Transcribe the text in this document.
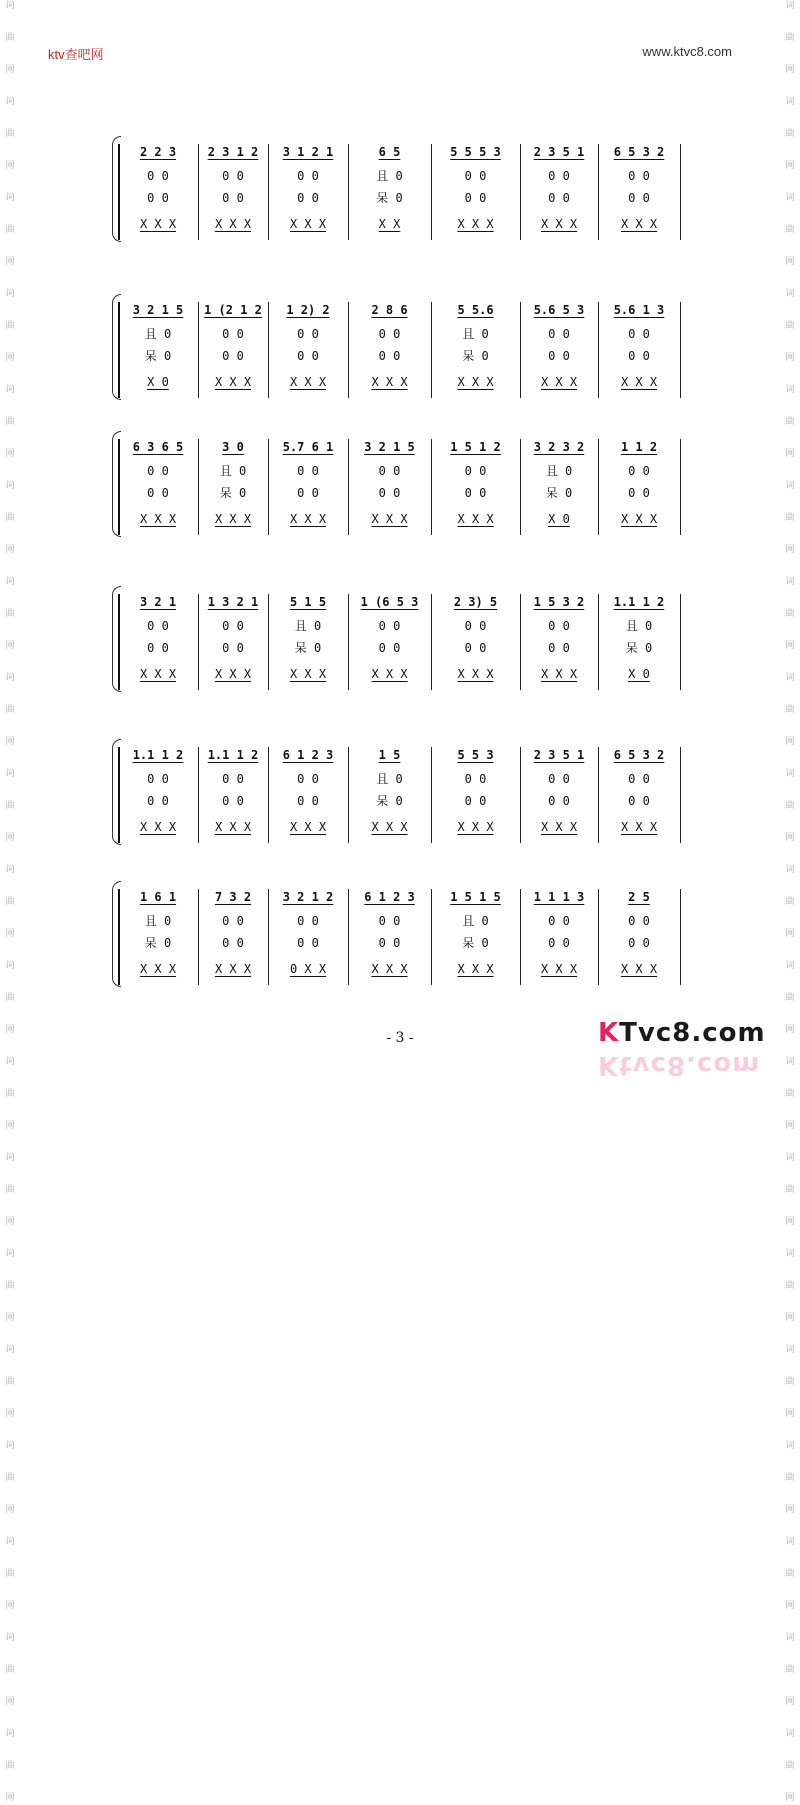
词
曲
网
词
曲
网
词
曲
网
词
曲
网
词
曲
网
词
曲
网
词
曲
网
词
曲
网
词
曲
网
词
曲
网
词
曲
网
词
曲
网
词
曲
网
词
曲
网
词
曲
网
词
曲
网
词
曲
网
词
曲
网
词
曲
网
词
曲
网
词
曲
网
词
曲
网
词
曲
网
词
曲
网
词
曲
网
词
曲
网
词
曲
网
词
曲
网
词
曲
网
词
曲
网
词
曲
网
词
曲
网
词
曲
网
词
曲
网
词
曲
网
词
曲
网
词
曲
网
词
曲
网
ktv查吧网	www.ktvc8.com
2 2 3
0 0
0 0
X X X
2 3 1 2
0 0
0 0
X X X
3 1 2 1
0 0
0 0
X X X
6 5
且 0
呆 0
X X
5 5 5 3
0 0
0 0
X X X
2 3 5 1
0 0
0 0
X X X
6 5 3 2
0 0
0 0
X X X
3 2 1 5
且 0
呆 0
X 0
1 (2 1 2
0 0
0 0
X X X
1 2) 2
0 0
0 0
X X X
2 8 6
0 0
0 0
X X X
5 5.6
且 0
呆 0
X X X
5.6 5 3
0 0
0 0
X X X
5.6 1 3
0 0
0 0
X X X
6 3 6 5
0 0
0 0
X X X
3 0
且 0
呆 0
X X X
5.7 6 1
0 0
0 0
X X X
3 2 1 5
0 0
0 0
X X X
1 5 1 2
0 0
0 0
X X X
3 2 3 2
且 0
呆 0
X 0
1 1 2
0 0
0 0
X X X
3 2 1
0 0
0 0
X X X
1 3 2 1
0 0
0 0
X X X
5 1 5
且 0
呆 0
X X X
1 (6 5 3
0 0
0 0
X X X
2 3) 5
0 0
0 0
X X X
1 5 3 2
0 0
0 0
X X X
1.1 1 2
且 0
呆 0
X 0
1.1 1 2
0 0
0 0
X X X
1.1 1 2
0 0
0 0
X X X
6 1 2 3
0 0
0 0
X X X
1 5
且 0
呆 0
X X X
5 5 3
0 0
0 0
X X X
2 3 5 1
0 0
0 0
X X X
6 5 3 2
0 0
0 0
X X X
1 6 1
且 0
呆 0
X X X
7 3 2
0 0
0 0
X X X
3 2 1 2
0 0
0 0
0 X X
6 1 2 3
0 0
0 0
X X X
1 5 1 5
且 0
呆 0
X X X
1 1 1 3
0 0
0 0
X X X
2 5
0 0
0 0
X X X
- 3 -	KTvc8.com
Ktvc8.com
